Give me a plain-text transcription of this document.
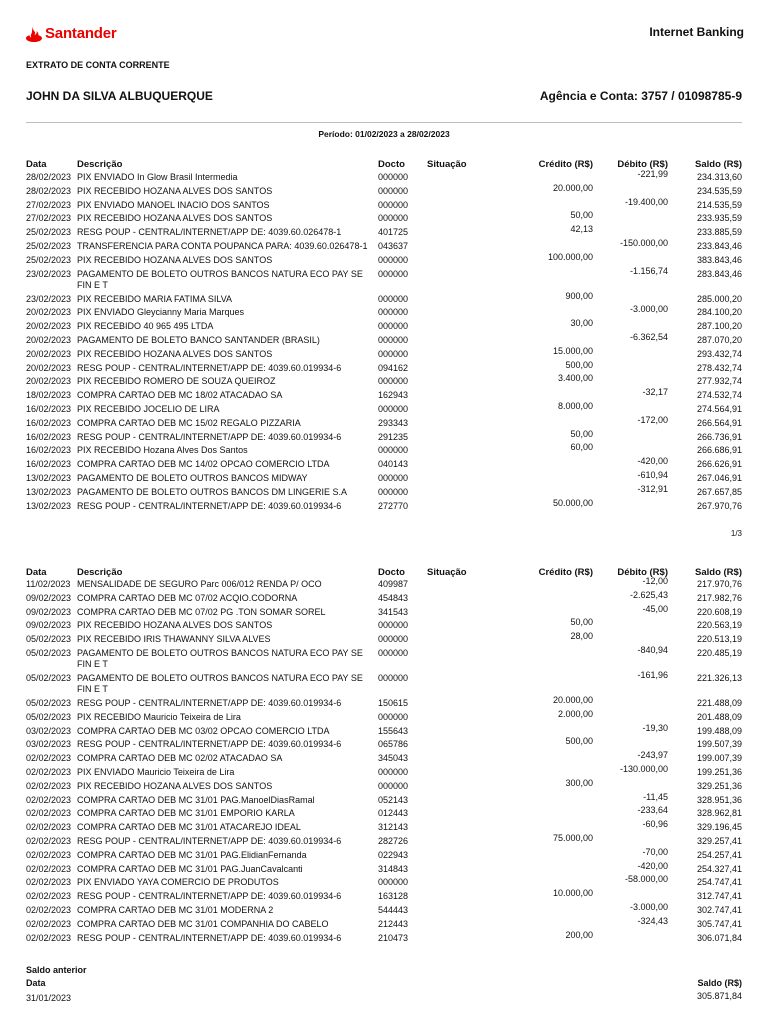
Santander	Internet Banking
EXTRATO DE CONTA CORRENTE
JOHN DA SILVA ALBUQUERQUE	Agência e Conta: 3757 / 01098785-9
Período: 01/02/2023 a 28/02/2023
Data	Descrição	Docto Situação	Crédito (R$)	Débito (R$)	Saldo (R$)
28/02/2023 PIX ENVIADO In Glow Brasil Intermedia	000000	-221,99	234.313,60
28/02/2023 PIX RECEBIDO HOZANA ALVES DOS SANTOS	000000	20.000,00	234.535,59
27/02/2023 PIX ENVIADO MANOEL INACIO DOS SANTOS	000000	-19.400,00	214.535,59
27/02/2023 PIX RECEBIDO HOZANA ALVES DOS SANTOS	000000	50,00	233.935,59
25/02/2023 RESG POUP - CENTRAL/INTERNET/APP DE: 4039.60.026478-1	401725	42,13	233.885,59
25/02/2023 TRANSFERENCIA PARA CONTA POUPANCA PARA: 4039.60.026478-1	043637	-150.000,00	233.843,46
25/02/2023 PIX RECEBIDO HOZANA ALVES DOS SANTOS	000000	100.000,00	383.843,46
23/02/2023 PAGAMENTO DE BOLETO OUTROS BANCOS NATURA ECO PAY SE FIN E T
000000	-1.156,74	283.843,46
23/02/2023 PIX RECEBIDO MARIA FATIMA SILVA	000000	900,00	285.000,20
20/02/2023 PIX ENVIADO Gleycianny Maria Marques	000000	-3.000,00	284.100,20
20/02/2023 PIX RECEBIDO 40 965 495 LTDA	000000	30,00	287.100,20
20/02/2023 PAGAMENTO DE BOLETO BANCO SANTANDER (BRASIL)	000000	-6.362,54	287.070,20
20/02/2023 PIX RECEBIDO HOZANA ALVES DOS SANTOS	000000	15.000,00	293.432,74
20/02/2023 RESG POUP - CENTRAL/INTERNET/APP DE: 4039.60.019934-6	094162	500,00	278.432,74
20/02/2023 PIX RECEBIDO ROMERO DE SOUZA QUEIROZ	000000	3.400,00	277.932,74
18/02/2023 COMPRA CARTAO DEB MC 18/02 ATACADAO SA	162943	-32,17	274.532,74
16/02/2023 PIX RECEBIDO JOCELIO DE LIRA	000000	8.000,00	274.564,91
16/02/2023 COMPRA CARTAO DEB MC 15/02 REGALO PIZZARIA	293343	-172,00	266.564,91
16/02/2023 RESG POUP - CENTRAL/INTERNET/APP DE: 4039.60.019934-6	291235	50,00	266.736,91
16/02/2023 PIX RECEBIDO Hozana Alves Dos Santos	000000	60,00	266.686,91
16/02/2023 COMPRA CARTAO DEB MC 14/02 OPCAO COMERCIO LTDA	040143	-420,00	266.626,91
13/02/2023 PAGAMENTO DE BOLETO OUTROS BANCOS MIDWAY	000000	-610,94	267.046,91
13/02/2023 PAGAMENTO DE BOLETO OUTROS BANCOS DM LINGERIE S.A	000000	-312,91	267.657,85
13/02/2023 RESG POUP - CENTRAL/INTERNET/APP DE: 4039.60.019934-6	272770	50.000,00	267.970,76
1/3
Data	Descrição	Docto Situação	Crédito (R$)	Débito (R$)	Saldo (R$)
11/02/2023 MENSALIDADE DE SEGURO Parc 006/012 RENDA P/ OCO	409987	-12,00	217.970,76
09/02/2023 COMPRA CARTAO DEB MC 07/02 ACQIO.CODORNA	454843	-2.625,43	217.982,76
09/02/2023 COMPRA CARTAO DEB MC 07/02 PG .TON SOMAR SOREL	341543	-45,00	220.608,19
09/02/2023 PIX RECEBIDO HOZANA ALVES DOS SANTOS	000000	50,00	220.563,19
05/02/2023 PIX RECEBIDO IRIS THAWANNY SILVA ALVES	000000	28,00	220.513,19
05/02/2023 PAGAMENTO DE BOLETO OUTROS BANCOS NATURA ECO PAY SE FIN E T
000000	-840,94	220.485,19
05/02/2023 PAGAMENTO DE BOLETO OUTROS BANCOS NATURA ECO PAY SE FIN E T
000000	-161,96	221.326,13
05/02/2023 RESG POUP - CENTRAL/INTERNET/APP DE: 4039.60.019934-6	150615	20.000,00	221.488,09
05/02/2023 PIX RECEBIDO Mauricio Teixeira de Lira	000000	2.000,00	201.488,09
03/02/2023 COMPRA CARTAO DEB MC 03/02 OPCAO COMERCIO LTDA	155643	-19,30	199.488,09
03/02/2023 RESG POUP - CENTRAL/INTERNET/APP DE: 4039.60.019934-6	065786	500,00	199.507,39
02/02/2023 COMPRA CARTAO DEB MC 02/02 ATACADAO SA	345043	-243,97	199.007,39
02/02/2023 PIX ENVIADO Mauricio Teixeira de Lira	000000	-130.000,00	199.251,36
02/02/2023 PIX RECEBIDO HOZANA ALVES DOS SANTOS	000000	300,00	329.251,36
02/02/2023 COMPRA CARTAO DEB MC 31/01 PAG.ManoelDiasRamal	052143	-11,45	328.951,36
02/02/2023 COMPRA CARTAO DEB MC 31/01 EMPORIO KARLA	012443	-233,64	328.962,81
02/02/2023 COMPRA CARTAO DEB MC 31/01 ATACAREJO IDEAL	312143	-60,96	329.196,45
02/02/2023 RESG POUP - CENTRAL/INTERNET/APP DE: 4039.60.019934-6	282726	75.000,00	329.257,41
02/02/2023 COMPRA CARTAO DEB MC 31/01 PAG.ElidianFernanda	022943	-70,00	254.257,41
02/02/2023 COMPRA CARTAO DEB MC 31/01 PAG.JuanCavalcanti	314843	-420,00	254.327,41
02/02/2023 PIX ENVIADO YAYA COMERCIO DE PRODUTOS	000000	-58.000,00	254.747,41
02/02/2023 RESG POUP - CENTRAL/INTERNET/APP DE: 4039.60.019934-6	163128	10.000,00	312.747,41
02/02/2023 COMPRA CARTAO DEB MC 31/01 MODERNA 2	544443	-3.000,00	302.747,41
02/02/2023 COMPRA CARTAO DEB MC 31/01 COMPANHIA DO CABELO	212443	-324,43	305.747,41
02/02/2023 RESG POUP - CENTRAL/INTERNET/APP DE: 4039.60.019934-6	210473	200,00	306.071,84
Saldo anterior
Data	Saldo (R$)
31/01/2023	305.871,84
